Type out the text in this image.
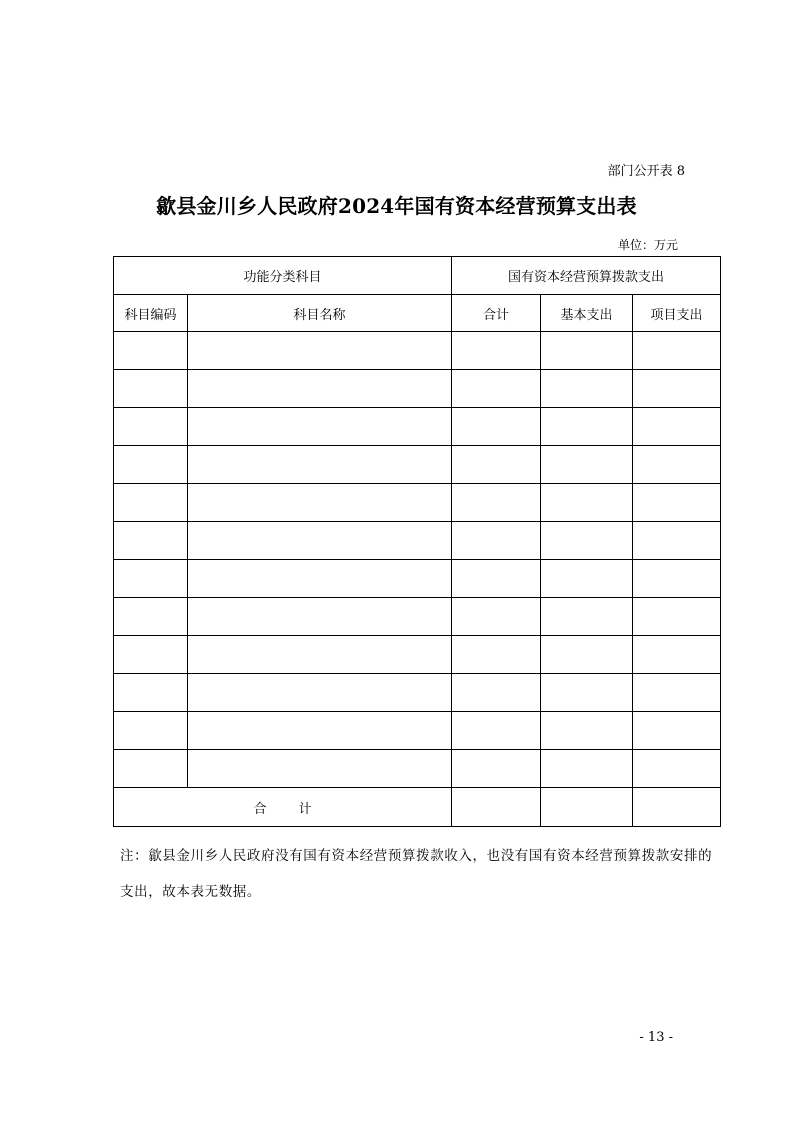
部门公开表 8
歙县金川乡人民政府2024年国有资本经营预算支出表
单位：万元
功能分类科目		国有资本经营预算拨款支出		
科目编码	科目名称	合计	基本支出	项目支出

合 计				
注：歙县金川乡人民政府没有国有资本经营预算拨款收入，也没有国有资本经营预算拨款安排的支出，故本表无数据。
- 13 -
